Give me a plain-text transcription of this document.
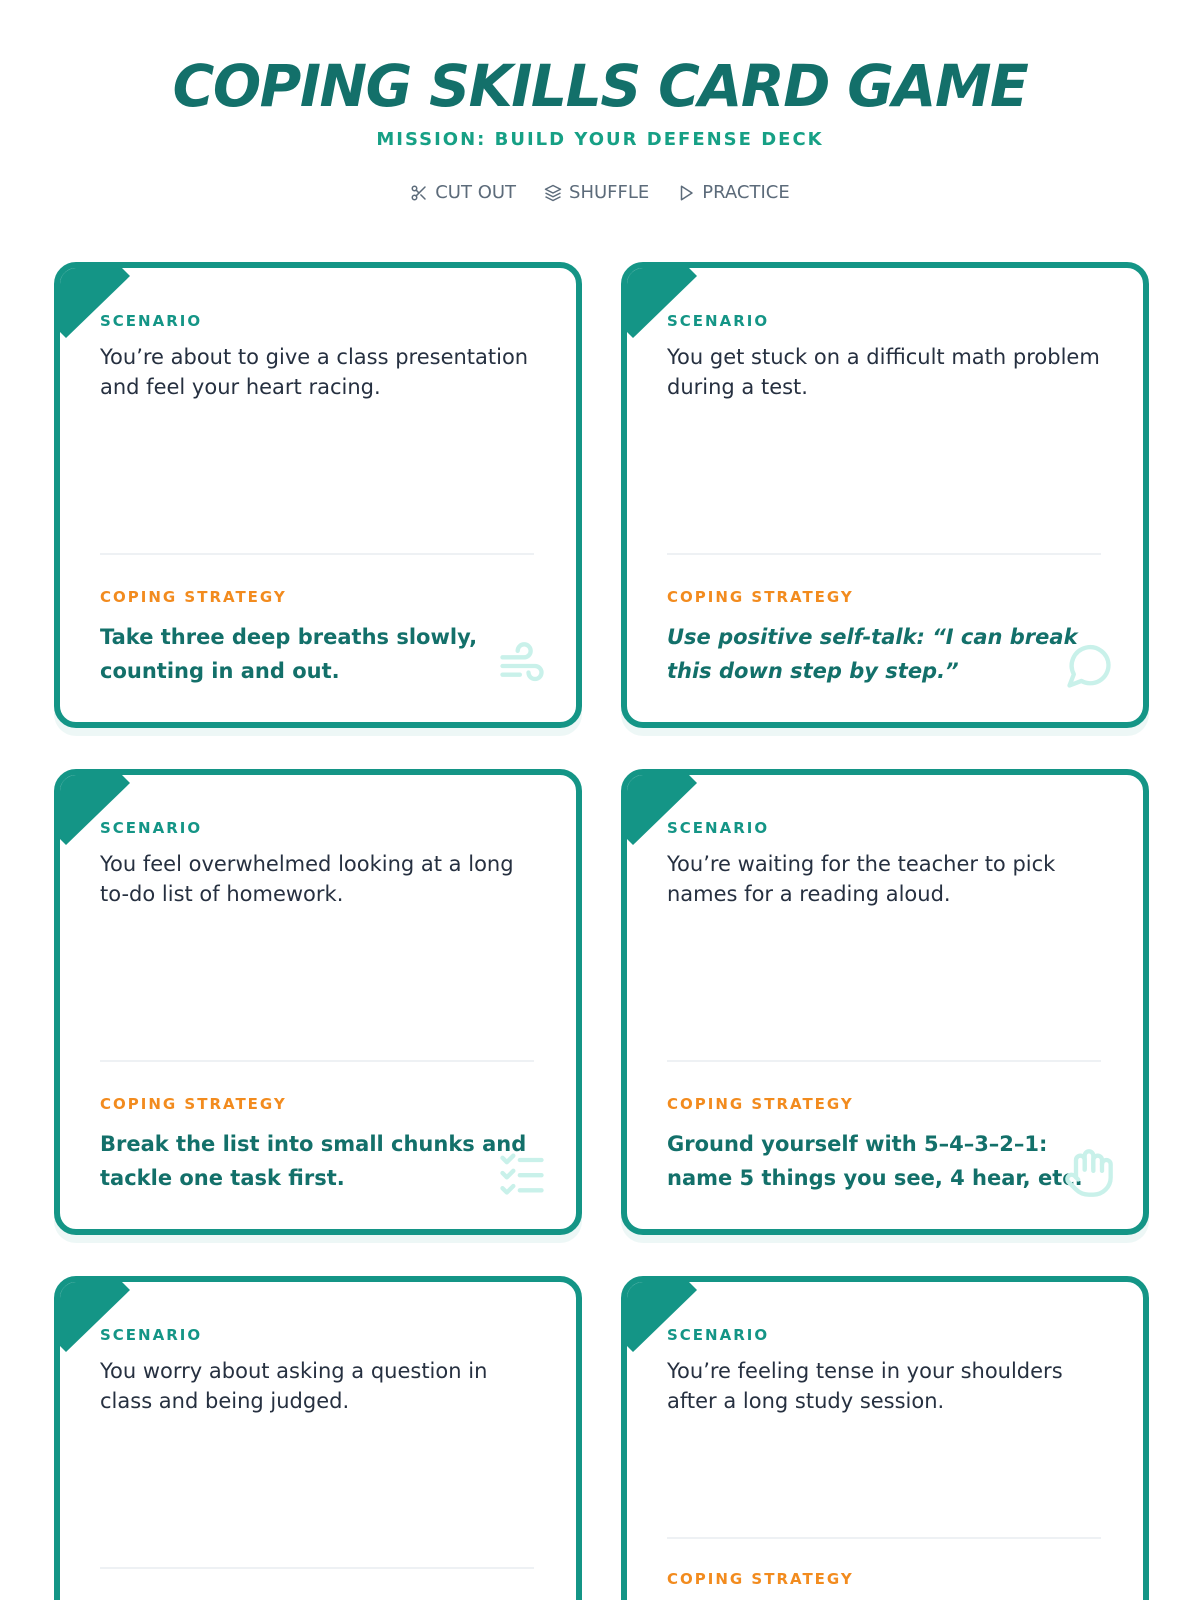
COPING SKILLS CARD GAME
MISSION: BUILD YOUR DEFENSE DECK
CUT OUT	SHUFFLE	PRACTICE
SCENARIO
You’re about to give a class presentation and feel your heart racing.
COPING STRATEGY
Take three deep breaths slowly, counting in and out.
SCENARIO
You get stuck on a difficult math problem during a test.
COPING STRATEGY
Use positive self-talk: “I can break this down step by step.”
SCENARIO
You feel overwhelmed looking at a long to-do list of homework.
COPING STRATEGY
Break the list into small chunks and tackle one task first.
SCENARIO
You’re waiting for the teacher to pick names for a reading aloud.
COPING STRATEGY
Ground yourself with 5–4–3–2–1: name 5 things you see, 4 hear, etc.
SCENARIO
You worry about asking a question in class and being judged.
SCENARIO
You’re feeling tense in your shoulders after a long study session.
COPING STRATEGY
